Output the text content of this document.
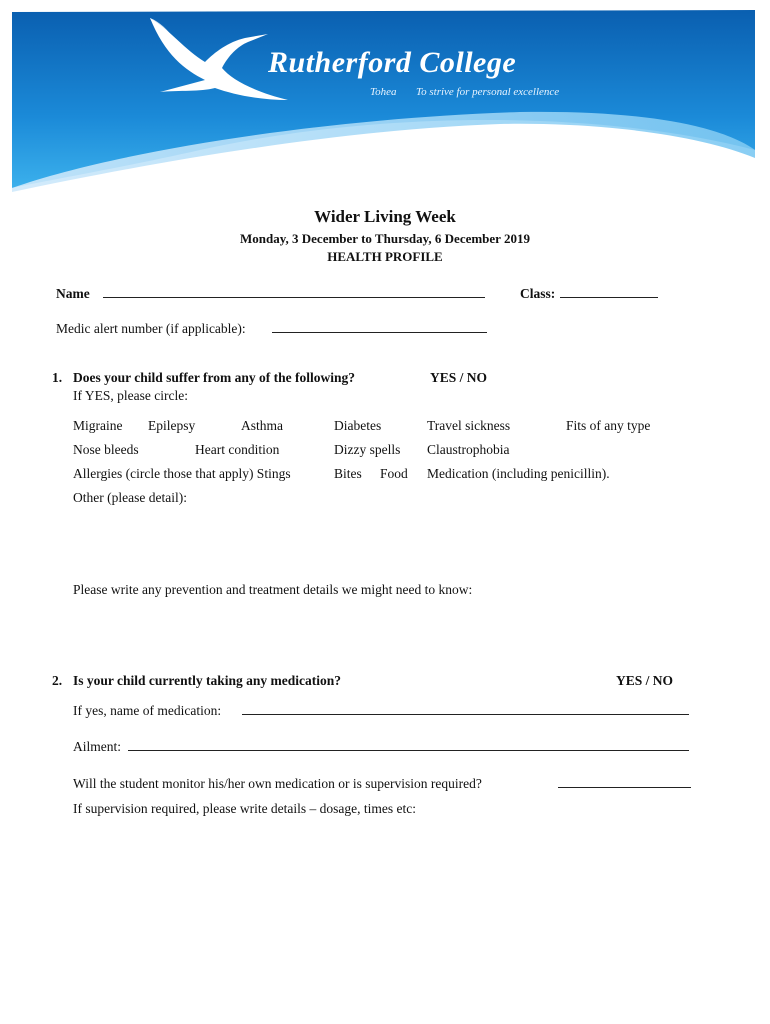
Rutherford College
Tohea To strive for personal excellence
Wider Living Week
Monday, 3 December to Thursday, 6 December 2019
HEALTH PROFILE
Name	Class:
Medic alert number (if applicable):
1. Does your child suffer from any of the following?	YES / NO
If YES, please circle:
Migraine Epilepsy	Asthma	Diabetes	Travel sickness	Fits of any type
Nose bleeds	Heart condition	Dizzy spells Claustrophobia
Allergies (circle those that apply) Stings	Bites Food Medication (including penicillin).
Other (please detail):
Please write any prevention and treatment details we might need to know:
2. Is your child currently taking any medication?	YES / NO
If yes, name of medication:
Ailment:
Will the student monitor his/her own medication or is supervision required?
If supervision required, please write details – dosage, times etc:
